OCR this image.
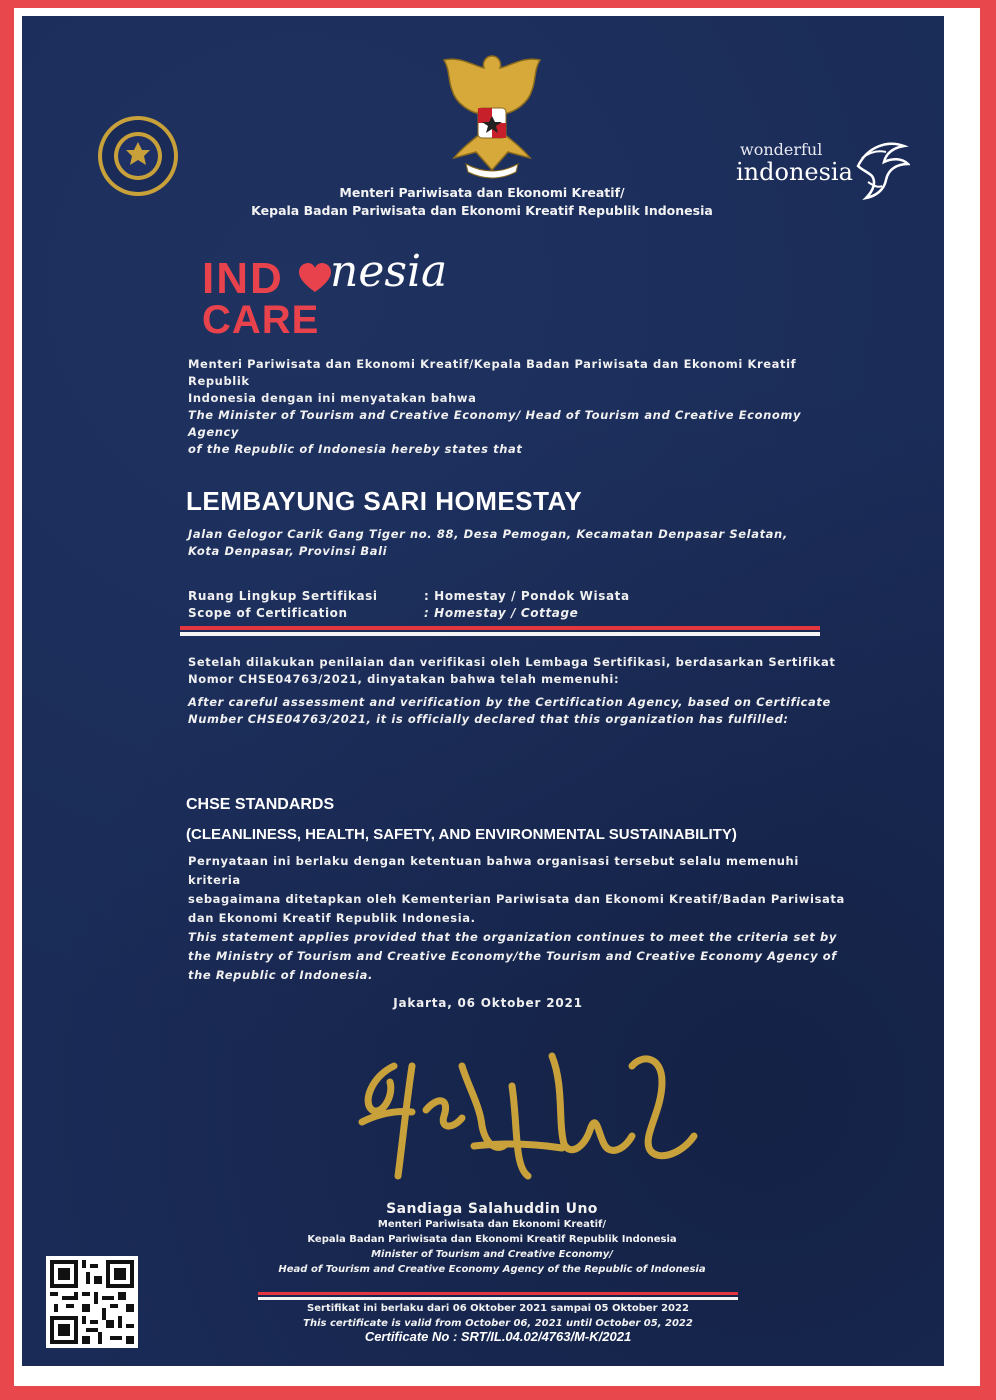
wonderful
indonesia
Menteri Pariwisata dan Ekonomi Kreatif/
Kepala Badan Pariwisata dan Ekonomi Kreatif Republik Indonesia
IND nesia
CARE
Menteri Pariwisata dan Ekonomi Kreatif/Kepala Badan Pariwisata dan Ekonomi Kreatif Republik
Indonesia dengan ini menyatakan bahwa
The Minister of Tourism and Creative Economy/ Head of Tourism and Creative Economy Agency
of the Republic of Indonesia hereby states that
LEMBAYUNG SARI HOMESTAY
Jalan Gelogor Carik Gang Tiger no. 88, Desa Pemogan, Kecamatan Denpasar Selatan,
Kota Denpasar, Provinsi Bali
Ruang Lingkup Sertifikasi
Scope of Certification
: Homestay / Pondok Wisata
: Homestay / Cottage
Setelah dilakukan penilaian dan verifikasi oleh Lembaga Sertifikasi, berdasarkan Sertifikat
Nomor CHSE04763/2021, dinyatakan bahwa telah memenuhi:
After careful assessment and verification by the Certification Agency, based on Certificate
Number CHSE04763/2021, it is officially declared that this organization has fulfilled:
CHSE STANDARDS
(CLEANLINESS, HEALTH, SAFETY, AND ENVIRONMENTAL SUSTAINABILITY)
Pernyataan ini berlaku dengan ketentuan bahwa organisasi tersebut selalu memenuhi kriteria
sebagaimana ditetapkan oleh Kementerian Pariwisata dan Ekonomi Kreatif/Badan Pariwisata
dan Ekonomi Kreatif Republik Indonesia.
This statement applies provided that the organization continues to meet the criteria set by
the Ministry of Tourism and Creative Economy/the Tourism and Creative Economy Agency of
the Republic of Indonesia.
Jakarta, 06 Oktober 2021
Sandiaga Salahuddin Uno
Menteri Pariwisata dan Ekonomi Kreatif/
Kepala Badan Pariwisata dan Ekonomi Kreatif Republik Indonesia
Minister of Tourism and Creative Economy/
Head of Tourism and Creative Economy Agency of the Republic of Indonesia
Sertifikat ini berlaku dari 06 Oktober 2021 sampai 05 Oktober 2022
This certificate is valid from October 06, 2021 until October 05, 2022
Certificate No : SRT/IL.04.02/4763/M-K/2021
